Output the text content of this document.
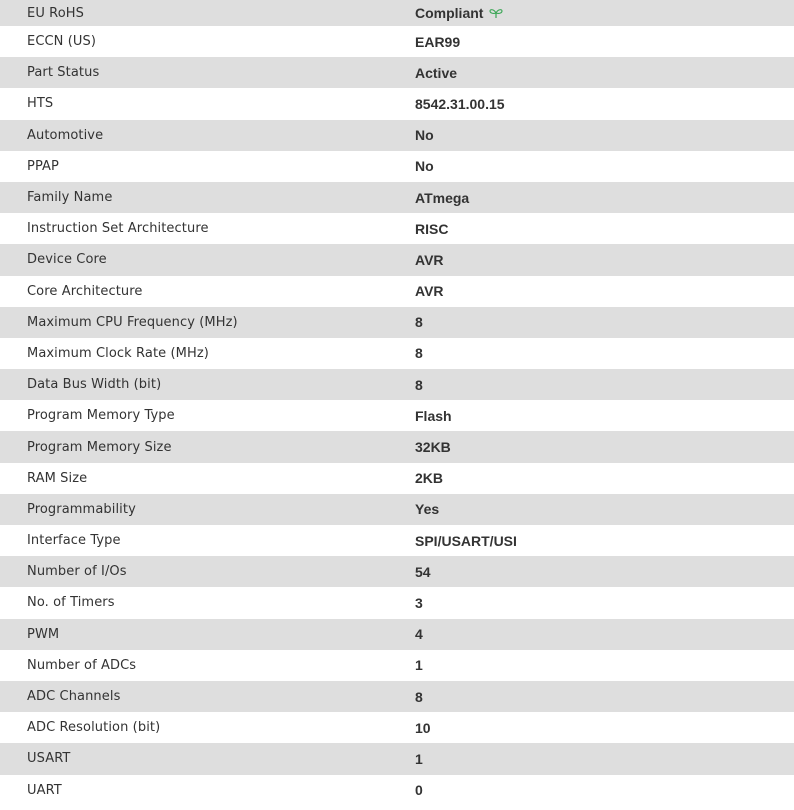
EU RoHS	Compliant
ECCN (US)	EAR99
Part Status	Active
HTS	8542.31.00.15
Automotive	No
PPAP	No
Family Name	ATmega
Instruction Set Architecture	RISC
Device Core	AVR
Core Architecture	AVR
Maximum CPU Frequency (MHz)	8
Maximum Clock Rate (MHz)	8
Data Bus Width (bit)	8
Program Memory Type	Flash
Program Memory Size	32KB
RAM Size	2KB
Programmability	Yes
Interface Type	SPI/USART/USI
Number of I/Os	54
No. of Timers	3
PWM	4
Number of ADCs	1
ADC Channels	8
ADC Resolution (bit)	10
USART	1
UART	0
